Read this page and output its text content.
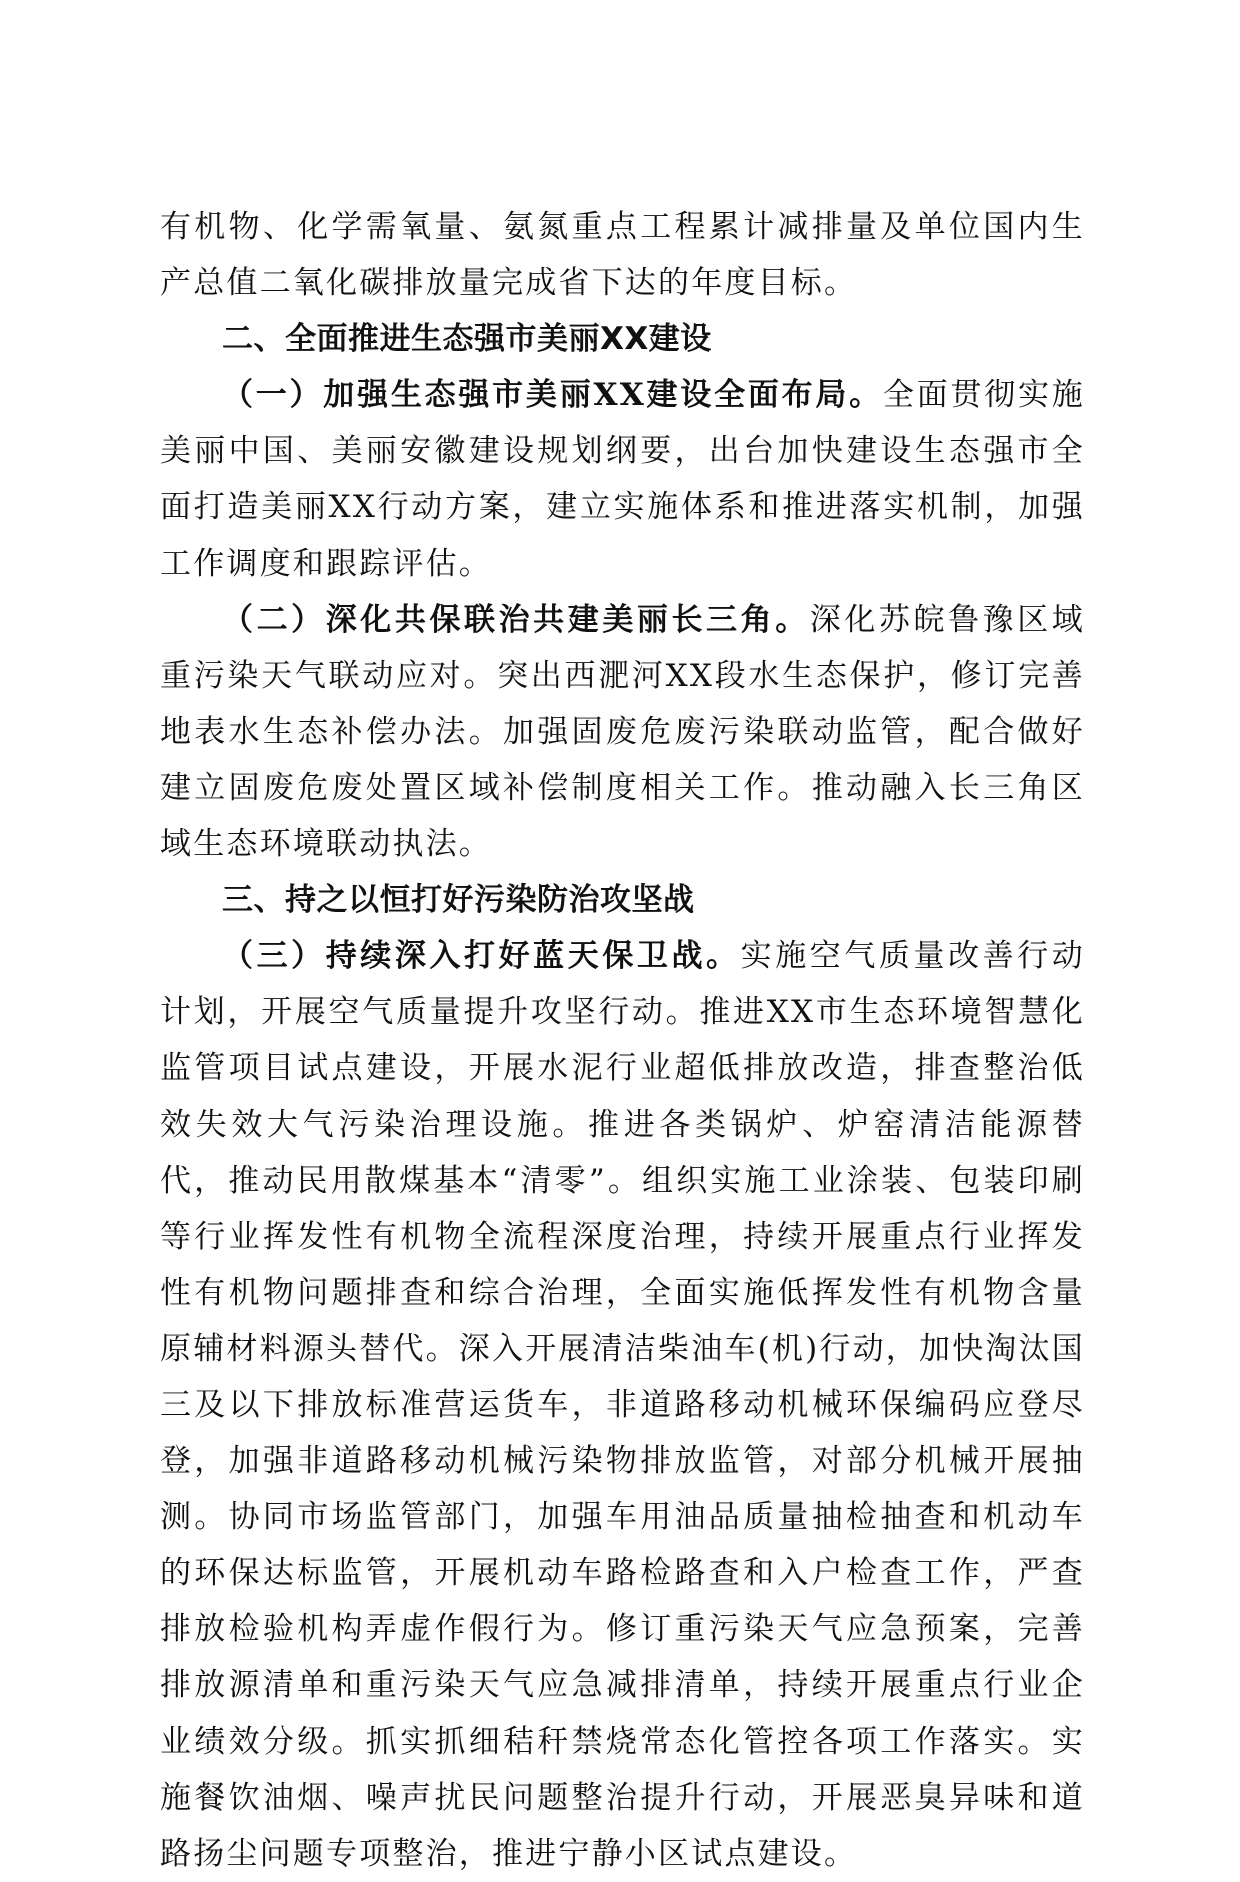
有机物、化学需氧量、氨氮重点工程累计减排量及单位国内生产总值二氧化碳排放量完成省下达的年度目标。

二、全面推进生态强市美丽XX建设

（一）加强生态强市美丽XX建设全面布局。全面贯彻实施美丽中国、美丽安徽建设规划纲要，出台加快建设生态强市全面打造美丽XX行动方案，建立实施体系和推进落实机制，加强工作调度和跟踪评估。

（二）深化共保联治共建美丽长三角。深化苏皖鲁豫区域重污染天气联动应对。突出西淝河XX段水生态保护，修订完善地表水生态补偿办法。加强固废危废污染联动监管，配合做好建立固废危废处置区域补偿制度相关工作。推动融入长三角区域生态环境联动执法。

三、持之以恒打好污染防治攻坚战

（三）持续深入打好蓝天保卫战。实施空气质量改善行动计划，开展空气质量提升攻坚行动。推进XX市生态环境智慧化监管项目试点建设，开展水泥行业超低排放改造，排查整治低效失效大气污染治理设施。推进各类锅炉、炉窑清洁能源替代，推动民用散煤基本“清零”。组织实施工业涂装、包装印刷等行业挥发性有机物全流程深度治理，持续开展重点行业挥发性有机物问题排查和综合治理，全面实施低挥发性有机物含量原辅材料源头替代。深入开展清洁柴油车(机)行动，加快淘汰国三及以下排放标准营运货车，非道路移动机械环保编码应登尽登，加强非道路移动机械污染物排放监管，对部分机械开展抽测。协同市场监管部门，加强车用油品质量抽检抽查和机动车的环保达标监管，开展机动车路检路查和入户检查工作，严查排放检验机构弄虚作假行为。修订重污染天气应急预案，完善排放源清单和重污染天气应急减排清单，持续开展重点行业企业绩效分级。抓实抓细秸秆禁烧常态化管控各项工作落实。实施餐饮油烟、噪声扰民问题整治提升行动，开展恶臭异味和道路扬尘问题专项整治，推进宁静小区试点建设。
